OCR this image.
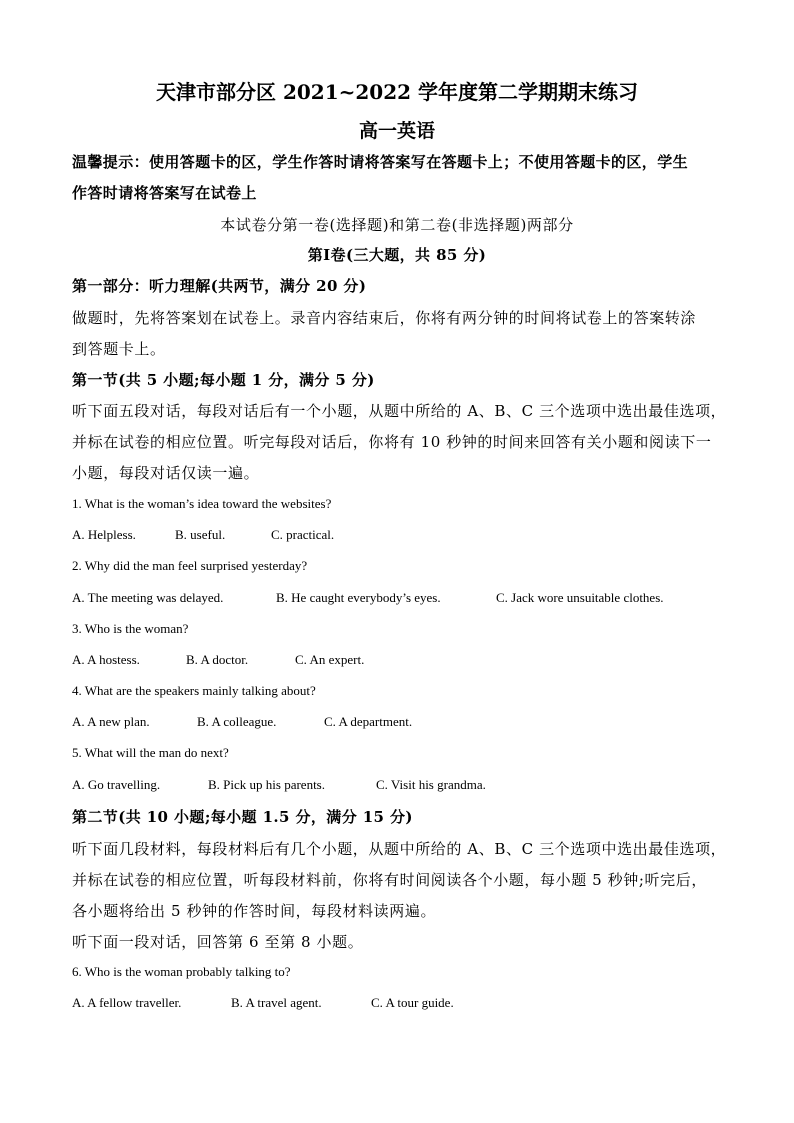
天津市部分区 2021~2022 学年度第二学期期末练习
高一英语
温馨提示：使用答题卡的区，学生作答时请将答案写在答题卡上；不使用答题卡的区，学生
作答时请将答案写在试卷上
本试卷分第一卷(选择题)和第二卷(非选择题)两部分
第Ⅰ卷(三大题，共 85 分)
第一部分：听力理解(共两节，满分 20 分)
做题时，先将答案划在试卷上。录音内容结束后，你将有两分钟的时间将试卷上的答案转涂
到答题卡上。
第一节(共 5 小题;每小题 1 分，满分 5 分)
听下面五段对话，每段对话后有一个小题，从题中所给的 A、B、C 三个选项中选出最佳选项，
并标在试卷的相应位置。听完每段对话后，你将有 10 秒钟的时间来回答有关小题和阅读下一
小题，每段对话仅读一遍。
1. What is the woman’s idea toward the websites?
A. Helpless.	B. useful.	C. practical.
2. Why did the man feel surprised yesterday?
A. The meeting was delayed.	B. He caught everybody’s eyes.	C. Jack wore unsuitable clothes.
3. Who is the woman?
A. A hostess.	B. A doctor.	C. An expert.
4. What are the speakers mainly talking about?
A. A new plan.	B. A colleague.	C. A department.
5. What will the man do next?
A. Go travelling.	B. Pick up his parents.	C. Visit his grandma.
第二节(共 10 小题;每小题 1.5 分，满分 15 分)
听下面几段材料，每段材料后有几个小题，从题中所给的 A、B、C 三个选项中选出最佳选项，
并标在试卷的相应位置，听每段材料前，你将有时间阅读各个小题，每小题 5 秒钟;听完后，
各小题将给出 5 秒钟的作答时间，每段材料读两遍。
听下面一段对话，回答第 6 至第 8 小题。
6. Who is the woman probably talking to?
A. A fellow traveller.	B. A travel agent.	C. A tour guide.
